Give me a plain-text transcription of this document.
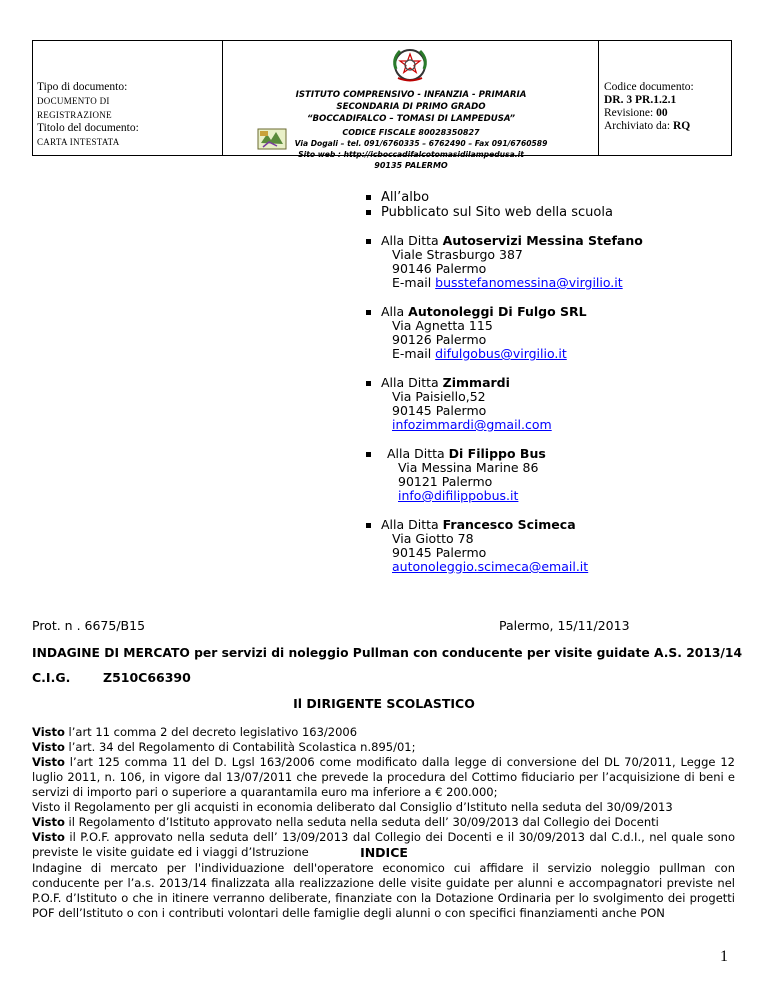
Tipo di documento:
DOCUMENTO DI REGISTRAZIONE
Titolo del documento:
CARTA INTESTATA
ISTITUTO COMPRENSIVO - INFANZIA - PRIMARIA
SECONDARIA DI PRIMO GRADO
“BOCCADIFALCO – TOMASI DI LAMPEDUSA”
CODICE FISCALE 80028350827
Via Dogali – tel. 091/6760335 – 6762490 – Fax 091/6760589
Sito web : http://icboccadifalcotomasidilampedusa.it
90135 PALERMO
Codice documento:
DR. 3 PR.1.2.1
Revisione: 00
Archiviato da: RQ
All’albo
Pubblicato sul Sito web della scuola
Alla Ditta Autoservizi Messina Stefano
Viale Strasburgo 387
90146 Palermo
E-mail busstefanomessina@virgilio.it
Alla Autonoleggi Di Fulgo SRL
Via Agnetta 115
90126 Palermo
E-mail difulgobus@virgilio.it
Alla Ditta Zimmardi
Via Paisiello,52
90145 Palermo
infozimmardi@gmail.com
Alla Ditta Di Filippo Bus
Via Messina Marine 86
90121 Palermo
info@difilippobus.it
Alla Ditta Francesco Scimeca
Via Giotto 78
90145 Palermo
autonoleggio.scimeca@email.it
Prot. n . 6675/B15	Palermo, 15/11/2013
INDAGINE DI MERCATO per servizi di noleggio Pullman con conducente per visite guidate A.S. 2013/14
C.I.G.	Z510C66390
Il DIRIGENTE SCOLASTICO
Visto l’art 11 comma 2 del decreto legislativo 163/2006
Visto l’art. 34 del Regolamento di Contabilità Scolastica n.895/01;
Visto l’art 125 comma 11 del D. Lgsl 163/2006 come modificato dalla legge di conversione del DL 70/2011, Legge 12 luglio 2011, n. 106, in vigore dal 13/07/2011 che prevede la procedura del Cottimo fiduciario per l’acquisizione di beni e servizi di importo pari o superiore a quarantamila euro ma inferiore a € 200.000;
Visto il Regolamento per gli acquisti in economia deliberato dal Consiglio d’Istituto nella seduta del 30/09/2013
Visto il Regolamento d’Istituto approvato nella seduta nella seduta dell’ 30/09/2013 dal Collegio dei Docenti
Visto il P.O.F. approvato nella seduta dell’ 13/09/2013 dal Collegio dei Docenti e il 30/09/2013 dal C.d.I., nel quale sono previste le visite guidate ed i viaggi d’Istruzione	INDICE
Indagine di mercato per l'individuazione dell'operatore economico cui affidare il servizio noleggio pullman con conducente per l’a.s. 2013/14 finalizzata alla realizzazione delle visite guidate per alunni e accompagnatori previste nel P.O.F. d’Istituto o che in itinere verranno deliberate, finanziate con la Dotazione Ordinaria per lo svolgimento dei progetti POF dell’Istituto o con i contributi volontari delle famiglie degli alunni o con specifici finanziamenti anche PON
1
